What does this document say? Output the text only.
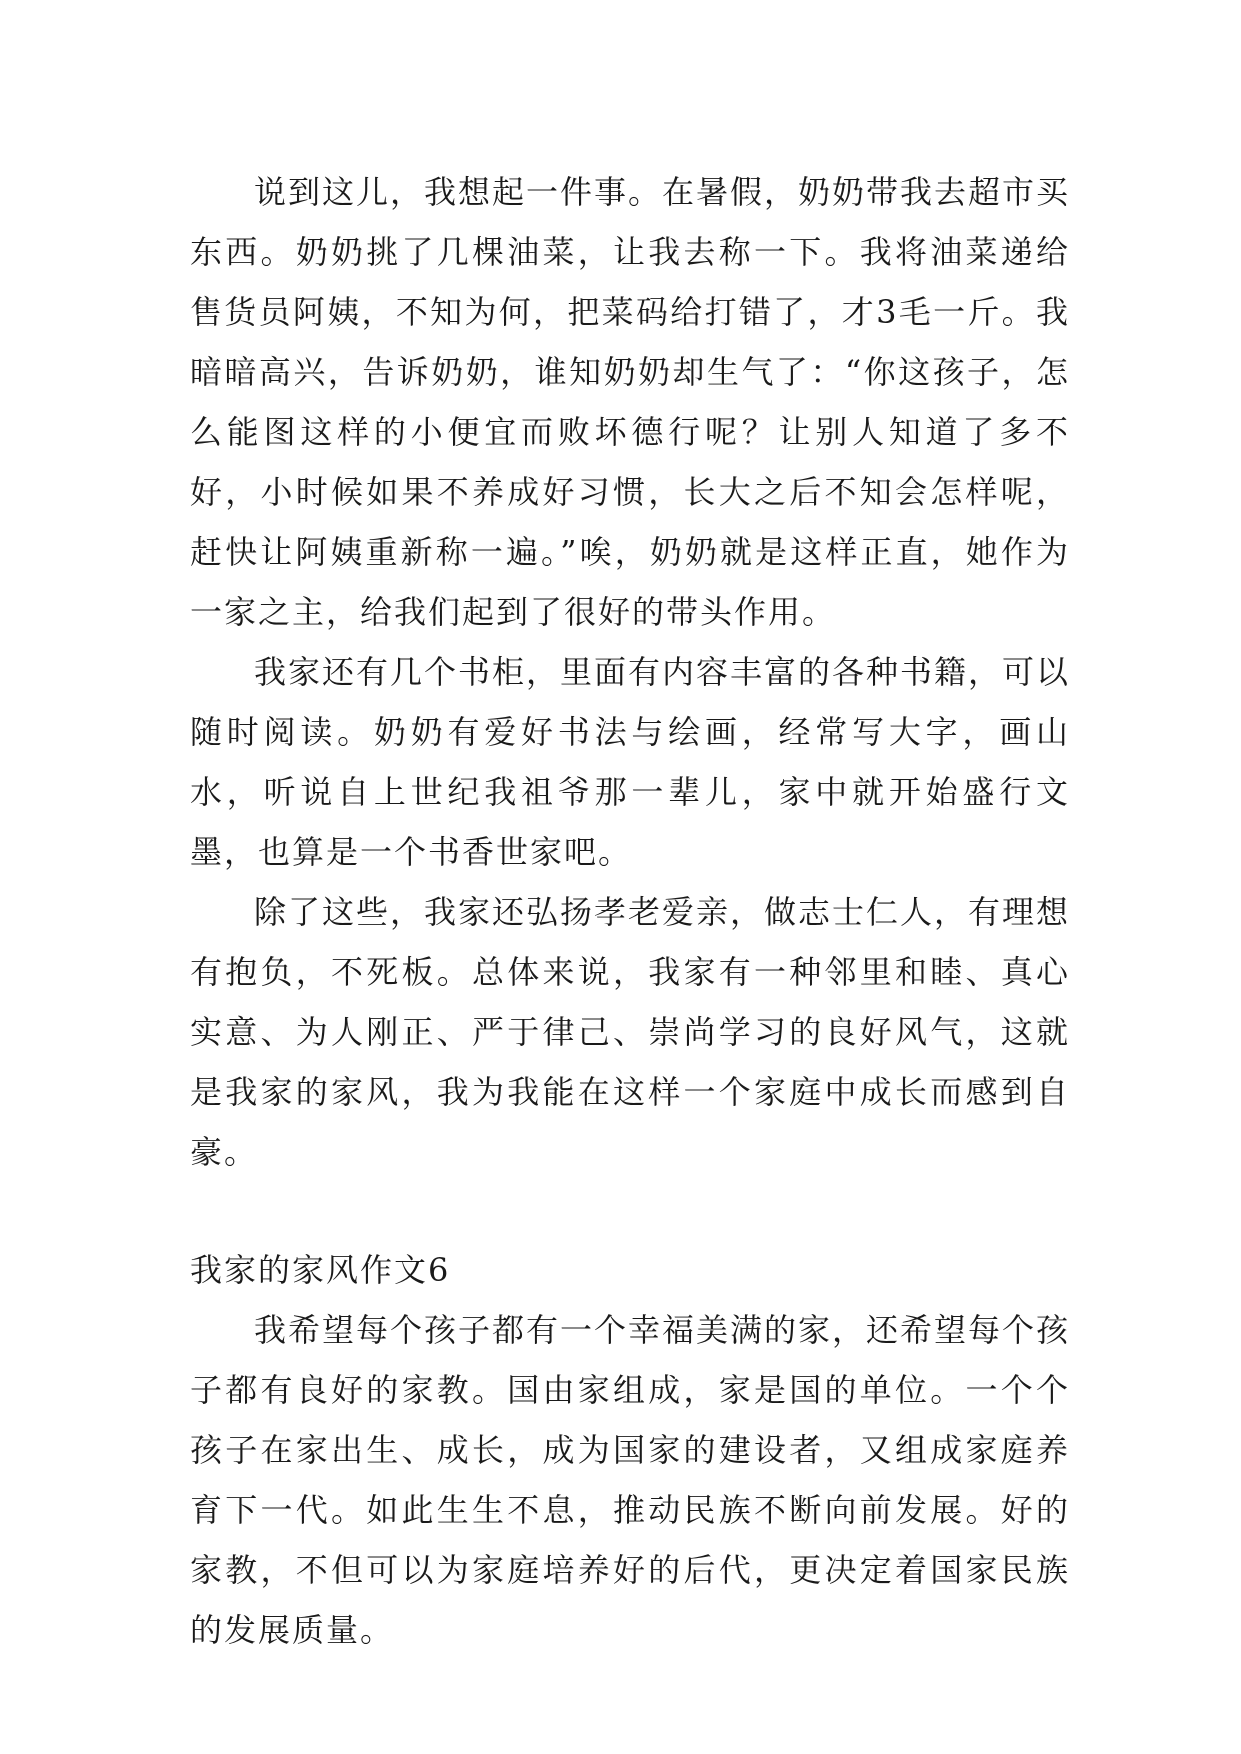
说到这儿，我想起一件事。在暑假，奶奶带我去超市买东西。奶奶挑了几棵油菜，让我去称一下。我将油菜递给售货员阿姨，不知为何，把菜码给打错了，才3毛一斤。我暗暗高兴，告诉奶奶，谁知奶奶却生气了：“你这孩子，怎么能图这样的小便宜而败坏德行呢？让别人知道了多不好，小时候如果不养成好习惯，长大之后不知会怎样呢，赶快让阿姨重新称一遍。”唉，奶奶就是这样正直，她作为一家之主，给我们起到了很好的带头作用。

我家还有几个书柜，里面有内容丰富的各种书籍，可以随时阅读。奶奶有爱好书法与绘画，经常写大字，画山水，听说自上世纪我祖爷那一辈儿，家中就开始盛行文墨，也算是一个书香世家吧。

除了这些，我家还弘扬孝老爱亲，做志士仁人，有理想有抱负，不死板。总体来说，我家有一种邻里和睦、真心实意、为人刚正、严于律己、崇尚学习的良好风气，这就是我家的家风，我为我能在这样一个家庭中成长而感到自豪。

我家的家风作文6

我希望每个孩子都有一个幸福美满的家，还希望每个孩子都有良好的家教。国由家组成，家是国的单位。一个个孩子在家出生、成长，成为国家的建设者，又组成家庭养育下一代。如此生生不息，推动民族不断向前发展。好的家教，不但可以为家庭培养好的后代，更决定着国家民族的发展质量。
